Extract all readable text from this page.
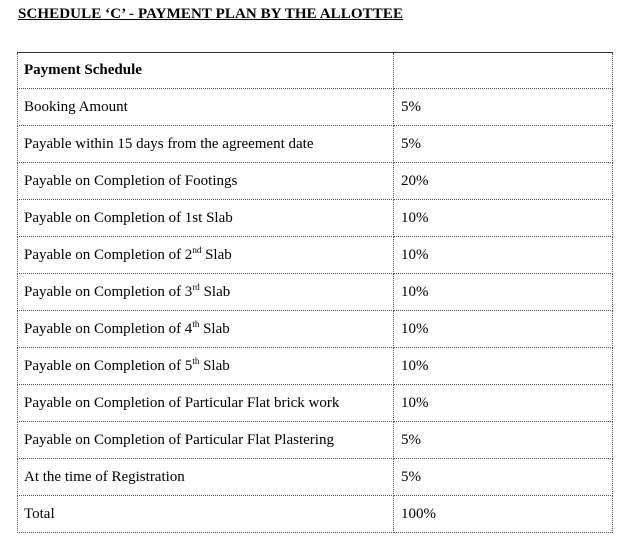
SCHEDULE ‘C’ - PAYMENT PLAN BY THE ALLOTTEE
Payment Schedule	
Booking Amount	5%
Payable within 15 days from the agreement date	5%
Payable on Completion of Footings	20%
Payable on Completion of 1st Slab	10%
Payable on Completion of 2nd Slab	10%
Payable on Completion of 3rd Slab	10%
Payable on Completion of 4th Slab	10%
Payable on Completion of 5th Slab	10%
Payable on Completion of Particular Flat brick work	10%
Payable on Completion of Particular Flat Plastering	5%
At the time of Registration	5%
Total	100%
